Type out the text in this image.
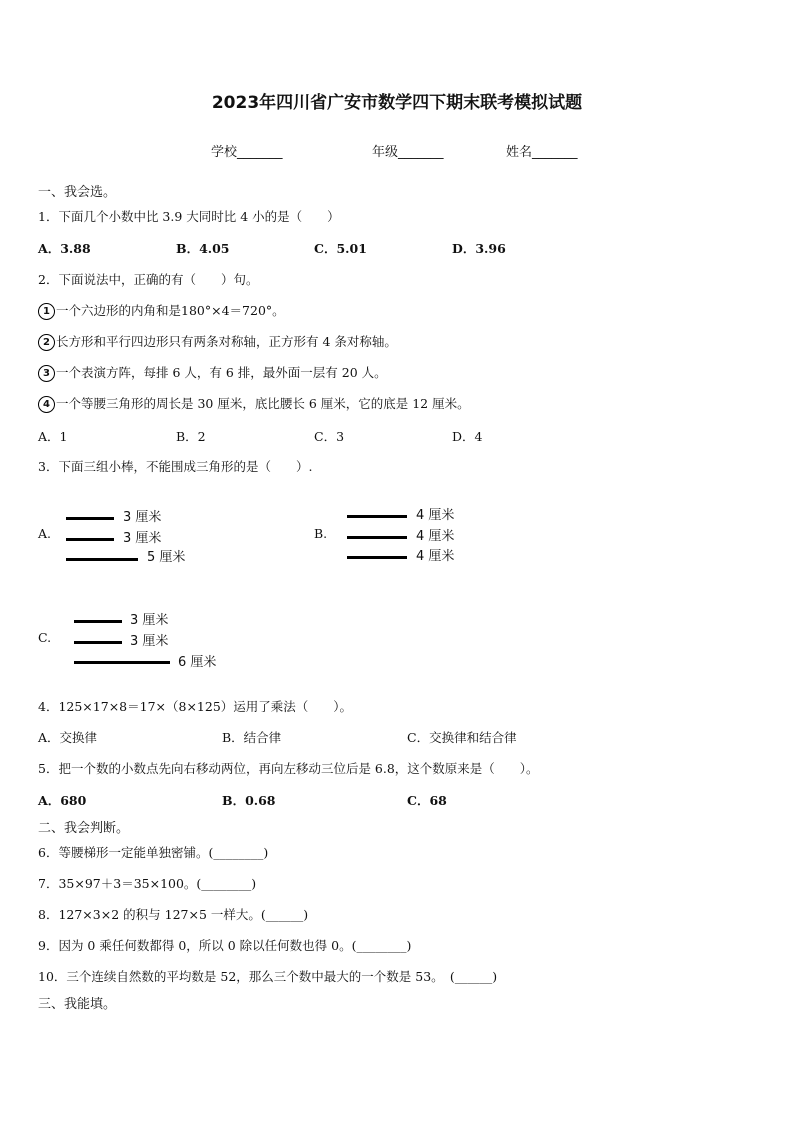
2023年四川省广安市数学四下期末联考模拟试题
学校_______	年级_______	姓名_______
一、我会选。
1．下面几个小数中比 3.9 大同时比 4 小的是（　　）
A．3.88	B．4.05	C．5.01	D．3.96
2．下面说法中，正确的有（　　）句。
1 一个六边形的内角和是180°×4＝720°。
2 长方形和平行四边形只有两条对称轴，正方形有 4 条对称轴。
3 一个表演方阵，每排 6 人，有 6 排，最外面一层有 20 人。
4 一个等腰三角形的周长是 30 厘米，底比腰长 6 厘米，它的底是 12 厘米。
A．1	B．2	C．3	D．4
3．下面三组小棒，不能围成三角形的是（　　）.
A.
3 厘米
3 厘米
5 厘米
B.
4 厘米
4 厘米
4 厘米
C.
3 厘米
3 厘米
6 厘米
4．125×17×8＝17×（8×125）运用了乘法（　　）。
A．交换律	B．结合律	C．交换律和结合律
5．把一个数的小数点先向右移动两位，再向左移动三位后是 6.8，这个数原来是（　　）。
A．680	B．0.68	C．68
二、我会判断。
6．等腰梯形一定能单独密铺。(________)
7．35×97＋3＝35×100。(________)
8．127×3×2 的积与 127×5 一样大。(______)
9．因为 0 乘任何数都得 0，所以 0 除以任何数也得 0。(________)
10．三个连续自然数的平均数是 52，那么三个数中最大的一个数是 53。　(______)
三、我能填。
